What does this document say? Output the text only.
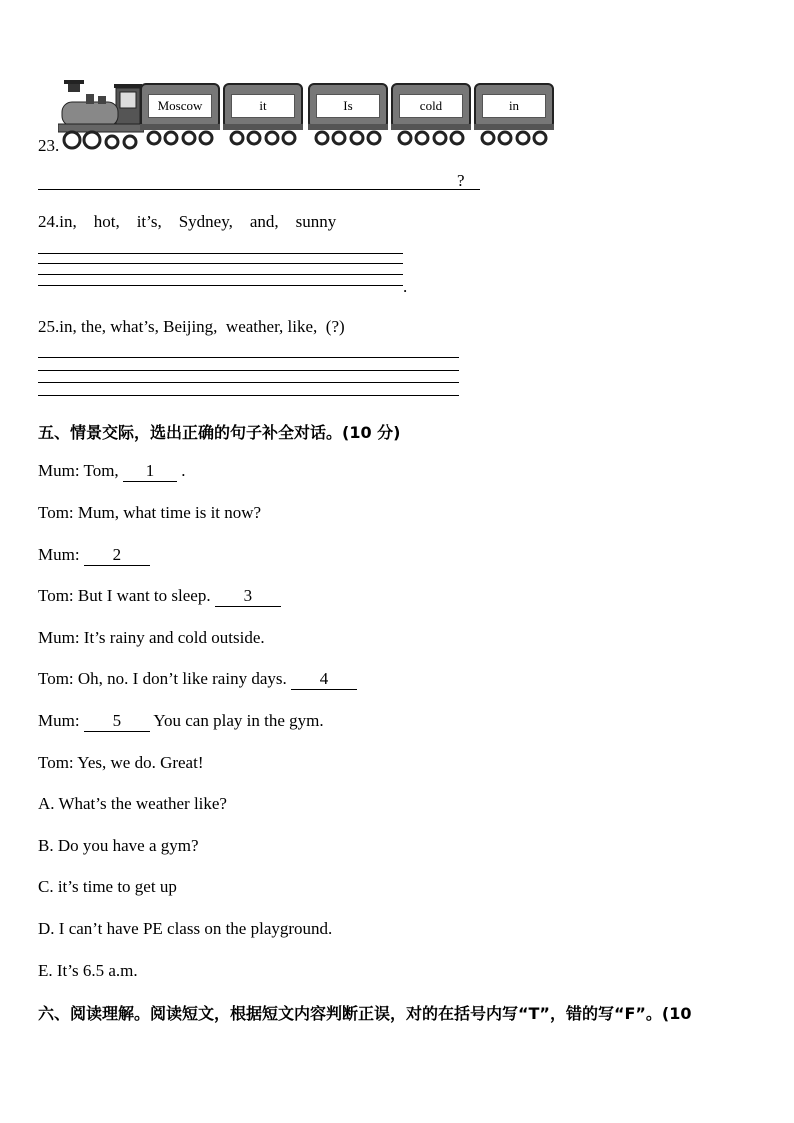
Moscow	it	Is	cold	in
23.
?
24.in,    hot,    it’s,    Sydney,    and,    sunny
.
25.in, the, what’s, Beijing,  weather, like,  (?)
五、情景交际，选出正确的句子补全对话。(10 分)
Mum: Tom, 1 .
Tom: Mum, what time is it now?
Mum: 2
Tom: But I want to sleep. 3
Mum: It’s rainy and cold outside.
Tom: Oh, no. I don’t like rainy days. 4
Mum: 5 You can play in the gym.
Tom: Yes, we do. Great!
A. What’s the weather like?
B. Do you have a gym?
C. it’s time to get up
D. I can’t have PE class on the playground.
E. It’s 6.5 a.m.
六、阅读理解。阅读短文，根据短文内容判断正误，对的在括号内写“T”，错的写“F”。(10
